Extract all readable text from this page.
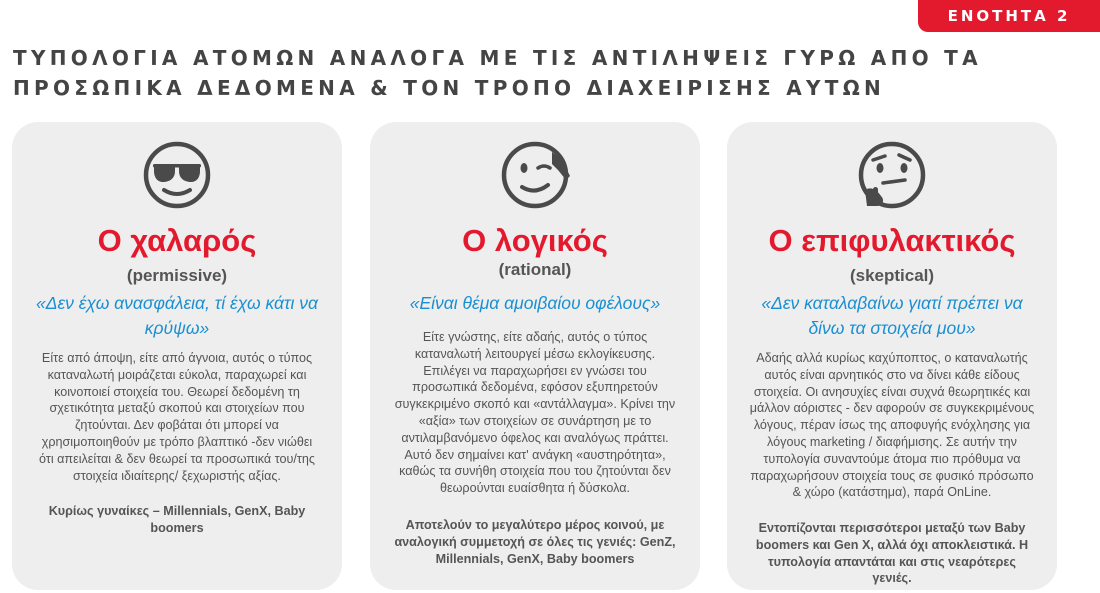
ΕΝΟΤΗΤΑ 2
ΤΥΠΟΛΟΓΙΑ ΑΤΟΜΩΝ ΑΝΑΛΟΓΑ ΜΕ ΤΙΣ ΑΝΤΙΛΗΨΕΙΣ ΓΥΡΩ ΑΠΟ ΤΑ ΠΡΟΣΩΠΙΚΑ ΔΕΔΟΜΕΝΑ & ΤΟΝ ΤΡΟΠΟ ΔΙΑΧΕΙΡΙΣΗΣ ΑΥΤΩΝ
Ο χαλαρός
(permissive)
«Δεν έχω ανασφάλεια, τί έχω κάτι να κρύψω»
Είτε από άποψη, είτε από άγνοια, αυτός ο τύπος καταναλωτή μοιράζεται εύκολα, παραχωρεί και κοινοποιεί στοιχεία του. Θεωρεί δεδομένη τη σχετικότητα μεταξύ σκοπού και στοιχείων που ζητούνται. Δεν φοβάται ότι μπορεί να χρησιμοποιηθούν με τρόπο βλαπτικό -δεν νιώθει ότι απειλείται & δεν θεωρεί τα προσωπικά του/της στοιχεία ιδιαίτερης/ ξεχωριστής αξίας.
Κυρίως γυναίκες – Millennials, GenX, Baby boomers
Ο λογικός
(rational)
«Είναι θέμα αμοιβαίου οφέλους»
Είτε γνώστης, είτε αδαής, αυτός ο τύπος καταναλωτή λειτουργεί μέσω εκλογίκευσης. Επιλέγει να παραχωρήσει εν γνώσει του προσωπικά δεδομένα, εφόσον εξυπηρετούν συγκεκριμένο σκοπό και «αντάλλαγμα». Κρίνει την «αξία» των στοιχείων σε συνάρτηση με το αντιλαμβανόμενο όφελος και αναλόγως πράττει. Αυτό δεν σημαίνει κατ' ανάγκη «αυστηρότητα», καθώς τα συνήθη στοιχεία που του ζητούνται δεν θεωρούνται ευαίσθητα ή δύσκολα.
Αποτελούν το μεγαλύτερο μέρος κοινού, με αναλογική συμμετοχή σε όλες τις γενιές: GenZ, Millennials, GenX, Baby boomers
Ο επιφυλακτικός
(skeptical)
«Δεν καταλαβαίνω γιατί πρέπει να δίνω τα στοιχεία μου»
Αδαής αλλά κυρίως καχύποπτος, ο καταναλωτής αυτός είναι αρνητικός στο να δίνει κάθε είδους στοιχεία. Οι ανησυχίες είναι συχνά θεωρητικές και μάλλον αόριστες - δεν αφορούν σε συγκεκριμένους λόγους, πέραν ίσως της αποφυγής ενόχλησης για λόγους marketing / διαφήμισης. Σε αυτήν την τυπολογία συναντούμε άτομα πιο πρόθυμα να παραχωρήσουν στοιχεία τους σε φυσικό πρόσωπο & χώρο (κατάστημα), παρά OnLine.
Εντοπίζονται περισσότεροι μεταξύ των Baby boomers και Gen X, αλλά όχι αποκλειστικά. Η τυπολογία απαντάται και στις νεαρότερες γενιές.
